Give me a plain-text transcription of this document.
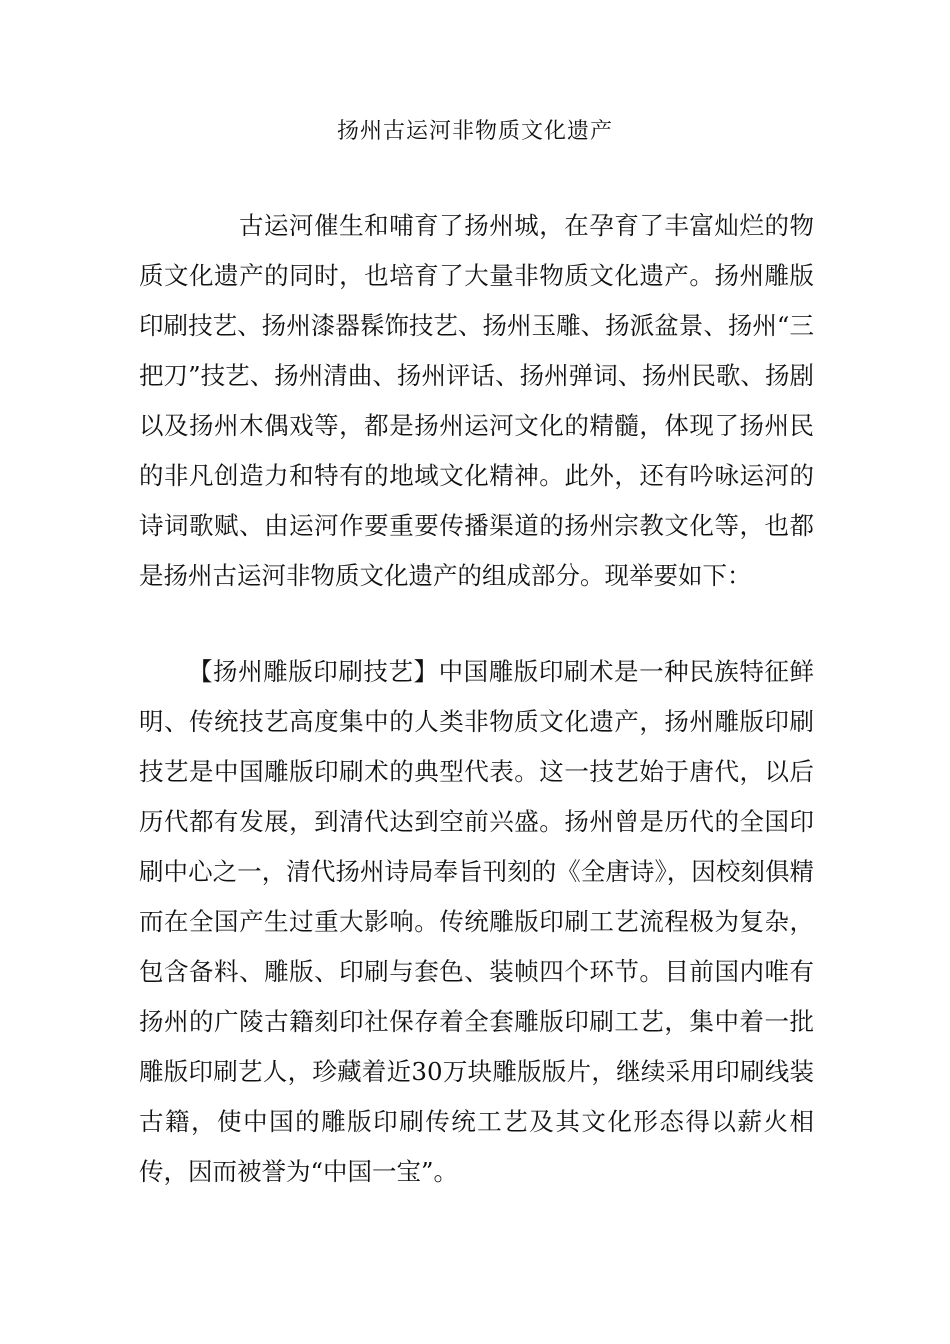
扬州古运河非物质文化遗产

古运河催生和哺育了扬州城，在孕育了丰富灿烂的物质文化遗产的同时，也培育了大量非物质文化遗产。扬州雕版印刷技艺、扬州漆器髹饰技艺、扬州玉雕、扬派盆景、扬州“三把刀”技艺、扬州清曲、扬州评话、扬州弹词、扬州民歌、扬剧以及扬州木偶戏等，都是扬州运河文化的精髓，体现了扬州民的非凡创造力和特有的地域文化精神。此外，还有吟咏运河的诗词歌赋、由运河作要重要传播渠道的扬州宗教文化等，也都是扬州古运河非物质文化遗产的组成部分。现举要如下：

【扬州雕版印刷技艺】中国雕版印刷术是一种民族特征鲜明、传统技艺高度集中的人类非物质文化遗产，扬州雕版印刷技艺是中国雕版印刷术的典型代表。这一技艺始于唐代，以后历代都有发展，到清代达到空前兴盛。扬州曾是历代的全国印刷中心之一，清代扬州诗局奉旨刊刻的《全唐诗》，因校刻俱精而在全国产生过重大影响。传统雕版印刷工艺流程极为复杂，包含备料、雕版、印刷与套色、装帧四个环节。目前国内唯有扬州的广陵古籍刻印社保存着全套雕版印刷工艺，集中着一批雕版印刷艺人，珍藏着近30万块雕版版片，继续采用印刷线装古籍，使中国的雕版印刷传统工艺及其文化形态得以薪火相传，因而被誉为“中国一宝”。
